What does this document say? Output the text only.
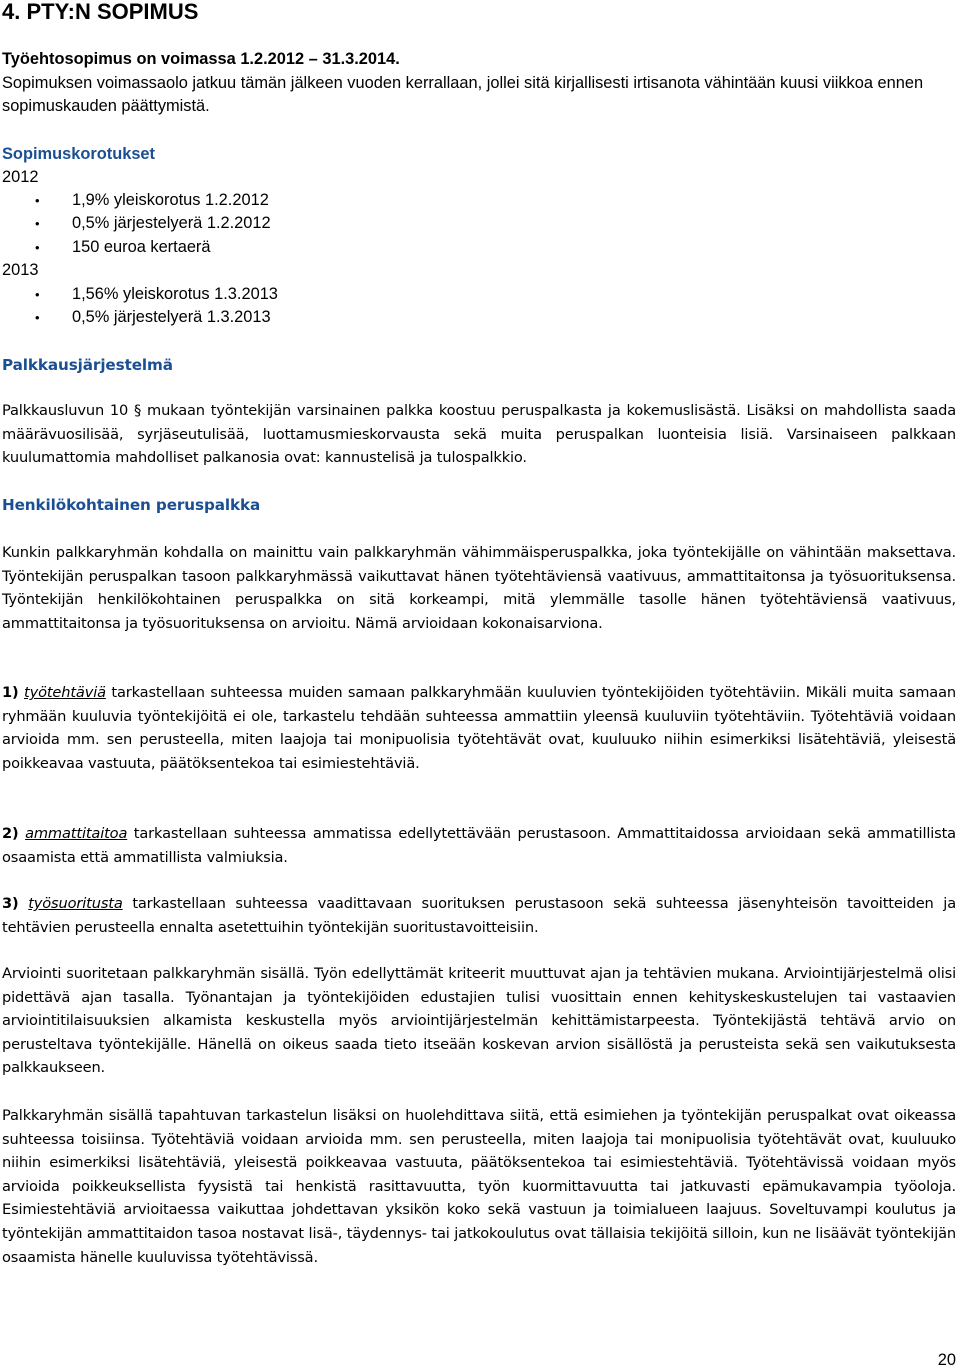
4. PTY:N SOPIMUS
Työehtosopimus on voimassa 1.2.2012 – 31.3.2014.
Sopimuksen voimassaolo jatkuu tämän jälkeen vuoden kerrallaan, jollei sitä kirjallisesti irtisanota vähintään kuusi viikkoa ennen sopimuskauden päättymistä.
Sopimuskorotukset
2012
• 1,9% yleiskorotus 1.2.2012
• 0,5% järjestelyerä 1.2.2012
• 150 euroa kertaerä
2013
• 1,56% yleiskorotus 1.3.2013
• 0,5% järjestelyerä 1.3.2013
Palkkausjärjestelmä

Palkkausluvun 10 § mukaan työntekijän varsinainen palkka koostuu peruspalkasta ja kokemuslisästä. Lisäksi on mahdollista saada määrävuosilisää, syrjäseutulisää, luottamusmieskorvausta sekä muita peruspalkan luonteisia lisiä. Varsinaiseen palkkaan kuulumattomia mahdolliset palkanosia ovat: kannustelisä ja tulospalkkio.

Henkilökohtainen peruspalkka

Kunkin palkkaryhmän kohdalla on mainittu vain palkkaryhmän vähimmäisperuspalkka, joka työntekijälle on vähintään maksettava. Työntekijän peruspalkan tasoon palkkaryhmässä vaikuttavat hänen työtehtäviensä vaativuus, ammattitaitonsa ja työsuorituksensa. Työntekijän henkilökohtainen peruspalkka on sitä korkeampi, mitä ylemmälle tasolle hänen työtehtäviensä vaativuus, ammattitaitonsa ja työsuorituksensa on arvioitu. Nämä arvioidaan kokonaisarviona.

1) työtehtäviä tarkastellaan suhteessa muiden samaan palkkaryhmään kuuluvien työntekijöiden työtehtäviin. Mikäli muita samaan ryhmään kuuluvia työntekijöitä ei ole, tarkastelu tehdään suhteessa ammattiin yleensä kuuluviin työtehtäviin. Työtehtäviä voidaan arvioida mm. sen perusteella, miten laajoja tai monipuolisia työtehtävät ovat, kuuluuko niihin esimerkiksi lisätehtäviä, yleisestä poikkeavaa vastuuta, päätöksentekoa tai esimiestehtäviä.

2) ammattitaitoa tarkastellaan suhteessa ammatissa edellytettävään perustasoon. Ammattitaidossa arvioidaan sekä ammatillista osaamista että ammatillista valmiuksia.

3) työsuoritusta tarkastellaan suhteessa vaadittavaan suorituksen perustasoon sekä suhteessa jäsenyhteisön tavoitteiden ja tehtävien perusteella ennalta asetettuihin työntekijän suoritustavoitteisiin.

Arviointi suoritetaan palkkaryhmän sisällä. Työn edellyttämät kriteerit muuttuvat ajan ja tehtävien mukana. Arviointijärjestelmä olisi pidettävä ajan tasalla. Työnantajan ja työntekijöiden edustajien tulisi vuosittain ennen kehityskeskustelujen tai vastaavien arviointitilaisuuksien alkamista keskustella myös arviointijärjestelmän kehittämistarpeesta. Työntekijästä tehtävä arvio on perusteltava työntekijälle. Hänellä on oikeus saada tieto itseään koskevan arvion sisällöstä ja perusteista sekä sen vaikutuksesta palkkaukseen.

Palkkaryhmän sisällä tapahtuvan tarkastelun lisäksi on huolehdittava siitä, että esimiehen ja työntekijän peruspalkat ovat oikeassa suhteessa toisiinsa. Työtehtäviä voidaan arvioida mm. sen perusteella, miten laajoja tai monipuolisia työtehtävät ovat, kuuluuko niihin esimerkiksi lisätehtäviä, yleisestä poikkeavaa vastuuta, päätöksentekoa tai esimiestehtäviä. Työtehtävissä voidaan myös arvioida poikkeuksellista fyysistä tai henkistä rasittavuutta, työn kuormittavuutta tai jatkuvasti epämukavampia työoloja. Esimiestehtäviä arvioitaessa vaikuttaa johdettavan yksikön koko sekä vastuun ja toimialueen laajuus. Soveltuvampi koulutus ja työntekijän ammattitaidon tasoa nostavat lisä-, täydennys- tai jatkokoulutus ovat tällaisia tekijöitä silloin, kun ne lisäävät työntekijän osaamista hänelle kuuluvissa työtehtävissä.

20
